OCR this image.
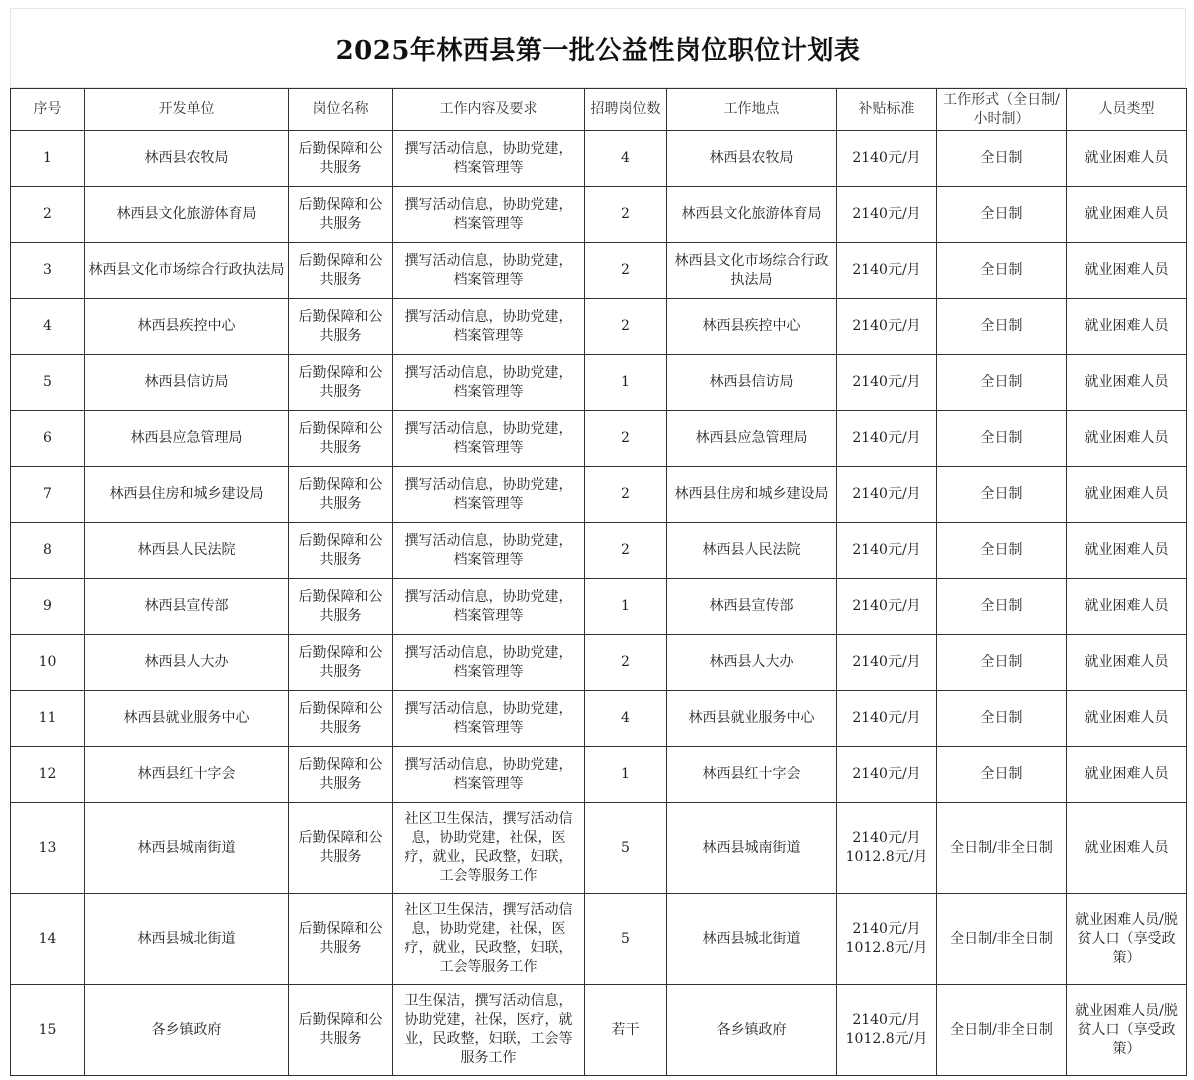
2025年林西县第一批公益性岗位职位计划表
序号	开发单位	岗位名称	工作内容及要求	招聘岗位数	工作地点	补贴标准	工作形式（全日制/小时制）	人员类型
1	林西县农牧局	后勤保障和公共服务	撰写活动信息，协助党建，档案管理等	4	林西县农牧局	2140元/月	全日制	就业困难人员
2	林西县文化旅游体育局	后勤保障和公共服务	撰写活动信息，协助党建，档案管理等	2	林西县文化旅游体育局	2140元/月	全日制	就业困难人员
3	林西县文化市场综合行政执法局	后勤保障和公共服务	撰写活动信息，协助党建，档案管理等	2	林西县文化市场综合行政执法局	2140元/月	全日制	就业困难人员
4	林西县疾控中心	后勤保障和公共服务	撰写活动信息，协助党建，档案管理等	2	林西县疾控中心	2140元/月	全日制	就业困难人员
5	林西县信访局	后勤保障和公共服务	撰写活动信息，协助党建，档案管理等	1	林西县信访局	2140元/月	全日制	就业困难人员
6	林西县应急管理局	后勤保障和公共服务	撰写活动信息，协助党建，档案管理等	2	林西县应急管理局	2140元/月	全日制	就业困难人员
7	林西县住房和城乡建设局	后勤保障和公共服务	撰写活动信息，协助党建，档案管理等	2	林西县住房和城乡建设局	2140元/月	全日制	就业困难人员
8	林西县人民法院	后勤保障和公共服务	撰写活动信息，协助党建，档案管理等	2	林西县人民法院	2140元/月	全日制	就业困难人员
9	林西县宣传部	后勤保障和公共服务	撰写活动信息，协助党建，档案管理等	1	林西县宣传部	2140元/月	全日制	就业困难人员
10	林西县人大办	后勤保障和公共服务	撰写活动信息，协助党建，档案管理等	2	林西县人大办	2140元/月	全日制	就业困难人员
11	林西县就业服务中心	后勤保障和公共服务	撰写活动信息，协助党建，档案管理等	4	林西县就业服务中心	2140元/月	全日制	就业困难人员
12	林西县红十字会	后勤保障和公共服务	撰写活动信息，协助党建，档案管理等	1	林西县红十字会	2140元/月	全日制	就业困难人员
13	林西县城南街道	后勤保障和公共服务	社区卫生保洁，撰写活动信息，协助党建，社保，医疗，就业，民政整，妇联，工会等服务工作	5	林西县城南街道	2140元/月 1012.8元/月	全日制/非全日制	就业困难人员
14	林西县城北街道	后勤保障和公共服务	社区卫生保洁，撰写活动信息，协助党建，社保，医疗，就业，民政整，妇联，工会等服务工作	5	林西县城北街道	2140元/月 1012.8元/月	全日制/非全日制	就业困难人员/脱贫人口（享受政策）
15	各乡镇政府	后勤保障和公共服务	卫生保洁，撰写活动信息，协助党建，社保，医疗，就业，民政整，妇联，工会等服务工作	若干	各乡镇政府	2140元/月 1012.8元/月	全日制/非全日制	就业困难人员/脱贫人口（享受政策）
